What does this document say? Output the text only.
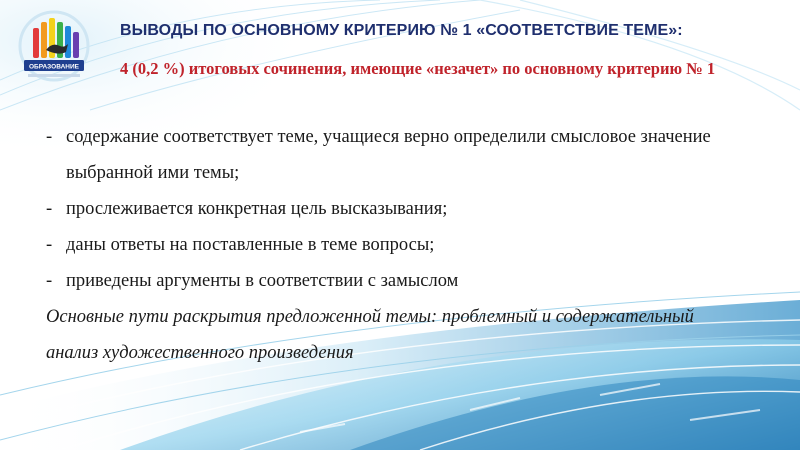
ОБРАЗОВАНИЕ
ВЫВОДЫ ПО ОСНОВНОМУ КРИТЕРИЮ № 1 «СООТВЕТСТВИЕ ТЕМЕ»:
4 (0,2 %) итоговых сочинения, имеющие «незачет» по основному критерию № 1
- содержание соответствует теме, учащиеся верно определили смысловое значение
выбранной ими темы;
- прослеживается конкретная цель высказывания;
- даны ответы на поставленные в теме вопросы;
- приведены аргументы в соответствии с замыслом
Основные пути раскрытия предложенной темы: проблемный и содержательный
анализ художественного произведения
